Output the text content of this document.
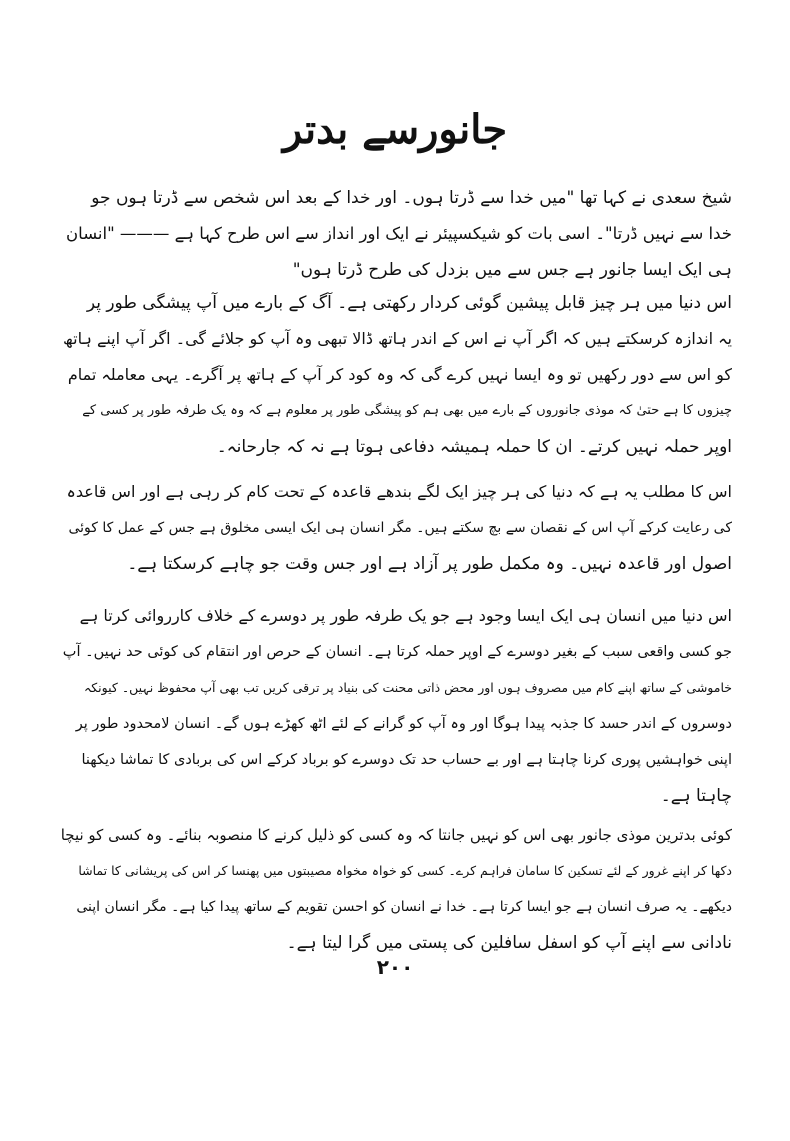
جانورسے بدتر
شیخ سعدی نے کہا تھا "میں خدا سے ڈرتا ہوں۔ اور خدا کے بعد اس شخص سے ڈرتا ہوں جو
خدا سے نہیں ڈرتا"۔ اسی بات کو شیکسپیئر نے ایک اور انداز سے اس طرح کہا ہے ——— "انسان
ہی ایک ایسا جانور ہے جس سے میں بزدل کی طرح ڈرتا ہوں"
اس دنیا میں ہر چیز قابل پیشین گوئی کردار رکھتی ہے۔ آگ کے بارے میں آپ پیشگی طور پر
یہ اندازہ کرسکتے ہیں کہ اگر آپ نے اس کے اندر ہاتھ ڈالا تبھی وہ آپ کو جلائے گی۔ اگر آپ اپنے ہاتھ
کو اس سے دور رکھیں تو وہ ایسا نہیں کرے گی کہ وہ کود کر آپ کے ہاتھ پر آگرے۔ یہی معاملہ تمام
چیزوں کا ہے حتیٰ کہ موذی جانوروں کے بارے میں بھی ہم کو پیشگی طور پر معلوم ہے کہ وہ یک طرفہ طور پر کسی کے
اوپر حملہ نہیں کرتے۔ ان کا حملہ ہمیشہ دفاعی ہوتا ہے نہ کہ جارحانہ۔
اس کا مطلب یہ ہے کہ دنیا کی ہر چیز ایک لگے بندھے قاعدہ کے تحت کام کر رہی ہے اور اس قاعدہ
کی رعایت کرکے آپ اس کے نقصان سے بچ سکتے ہیں۔ مگر انسان ہی ایک ایسی مخلوق ہے جس کے عمل کا کوئی
اصول اور قاعدہ نہیں۔ وہ مکمل طور پر آزاد ہے اور جس وقت جو چاہے کرسکتا ہے۔
اس دنیا میں انسان ہی ایک ایسا وجود ہے جو یک طرفہ طور پر دوسرے کے خلاف کارروائی کرتا ہے
جو کسی واقعی سبب کے بغیر دوسرے کے اوپر حملہ کرتا ہے۔ انسان کے حرص اور انتقام کی کوئی حد نہیں۔ آپ
خاموشی کے ساتھ اپنے کام میں مصروف ہوں اور محض ذاتی محنت کی بنیاد پر ترقی کریں تب بھی آپ محفوظ نہیں۔ کیونکہ
دوسروں کے اندر حسد کا جذبہ پیدا ہوگا اور وہ آپ کو گرانے کے لئے اٹھ کھڑے ہوں گے۔ انسان لامحدود طور پر
اپنی خواہشیں پوری کرنا چاہتا ہے اور بے حساب حد تک دوسرے کو برباد کرکے اس کی بربادی کا تماشا دیکھنا
چاہتا ہے۔
کوئی بدترین موذی جانور بھی اس کو نہیں جانتا کہ وہ کسی کو ذلیل کرنے کا منصوبہ بنائے۔ وہ کسی کو نیچا
دکھا کر اپنے غرور کے لئے تسکین کا سامان فراہم کرے۔ کسی کو خواہ مخواہ مصیبتوں میں پھنسا کر اس کی پریشانی کا تماشا
دیکھے۔ یہ صرف انسان ہے جو ایسا کرتا ہے۔ خدا نے انسان کو احسن تقویم کے ساتھ پیدا کیا ہے۔ مگر انسان اپنی
نادانی سے اپنے آپ کو اسفل سافلین کی پستی میں گرا لیتا ہے۔
۲۰۰
